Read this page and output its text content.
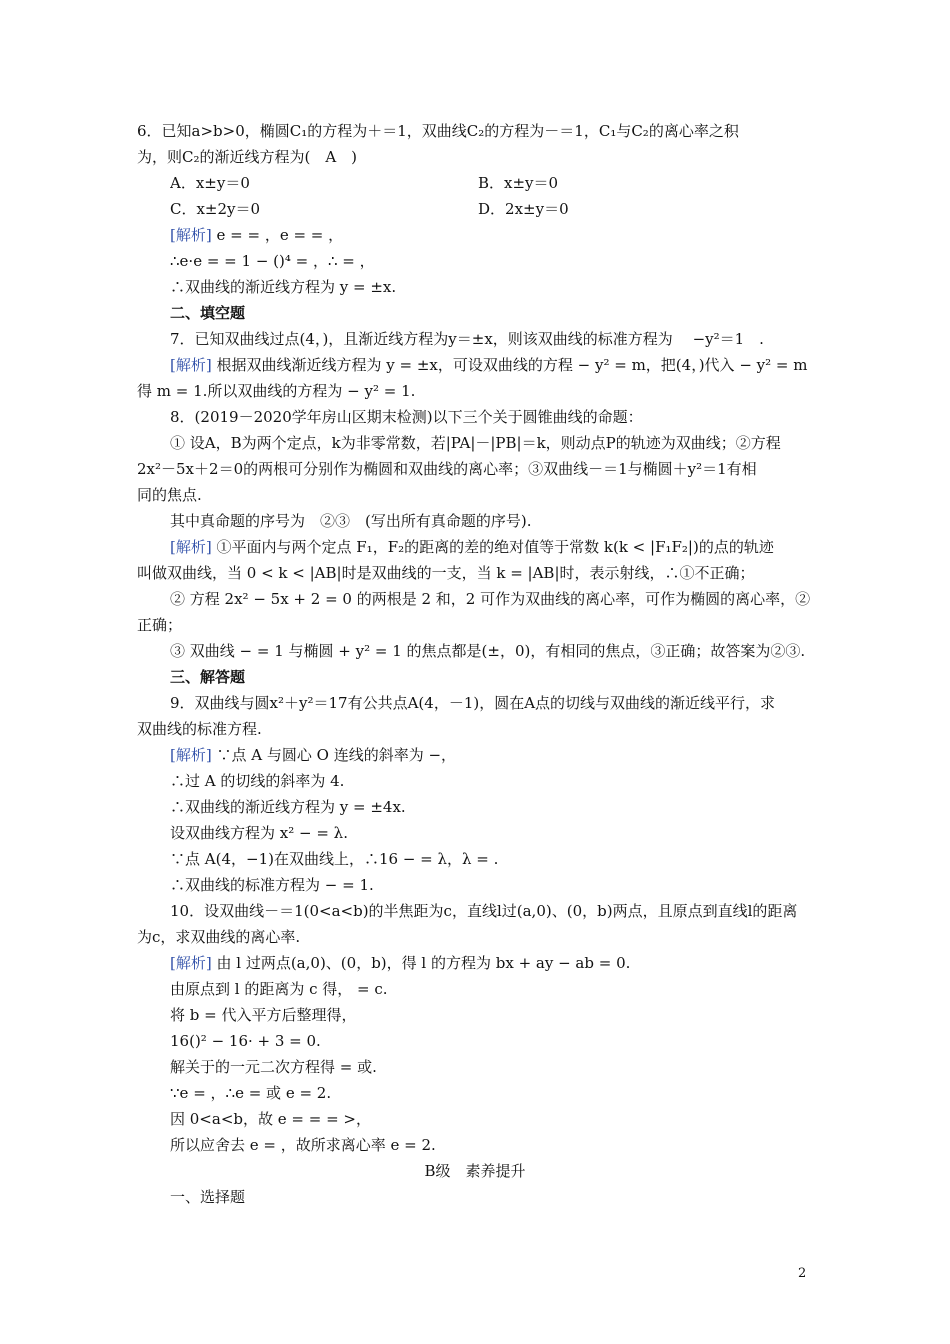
6．已知a>b>0，椭圆C₁的方程为＋＝1，双曲线C₂的方程为－＝1，C₁与C₂的离心率之积
为，则C₂的渐近线方程为(　A　)
A．x±y＝0	B．x±y＝0
C．x±2y＝0	D．2x±y＝0
[解析] e = = ，e = = ，
∴e·e = = 1 − ()⁴ = ，∴ = ，
∴双曲线的渐近线方程为 y = ±x.
二、填空题
7．已知双曲线过点(4，)，且渐近线方程为y＝±x，则该双曲线的标准方程为　 −y²＝1　.
[解析] 根据双曲线渐近线方程为 y = ±x，可设双曲线的方程 − y² = m，把(4，)代入 − y² = m
得 m = 1.所以双曲线的方程为 − y² = 1.
8．(2019－2020学年房山区期末检测)以下三个关于圆锥曲线的命题：
① 设A，B为两个定点，k为非零常数，若|PA|－|PB|＝k，则动点P的轨迹为双曲线；②方程
2x²－5x＋2＝0的两根可分别作为椭圆和双曲线的离心率；③双曲线－＝1与椭圆＋y²＝1有相
同的焦点.
其中真命题的序号为　②③　(写出所有真命题的序号).
[解析] ①平面内与两个定点 F₁，F₂的距离的差的绝对值等于常数 k(k < |F₁F₂|)的点的轨迹
叫做双曲线，当 0 < k < |AB|时是双曲线的一支，当 k = |AB|时，表示射线，∴①不正确；
② 方程 2x² − 5x + 2 = 0 的两根是 2 和，2 可作为双曲线的离心率，可作为椭圆的离心率，②
正确；
③ 双曲线 − = 1 与椭圆 + y² = 1 的焦点都是(±，0)，有相同的焦点，③正确；故答案为②③.
三、解答题
9．双曲线与圆x²＋y²＝17有公共点A(4，－1)，圆在A点的切线与双曲线的渐近线平行，求
双曲线的标准方程.
[解析] ∵点 A 与圆心 O 连线的斜率为 −，
∴过 A 的切线的斜率为 4.
∴双曲线的渐近线方程为 y = ±4x.
设双曲线方程为 x² − = λ.
∵点 A(4，−1)在双曲线上，∴16 − = λ，λ = .
∴双曲线的标准方程为 − = 1.
10．设双曲线－＝1(0<a<b)的半焦距为c，直线l过(a,0)、(0，b)两点，且原点到直线l的距离
为c，求双曲线的离心率.
[解析] 由 l 过两点(a,0)、(0，b)，得 l 的方程为 bx + ay − ab = 0.
由原点到 l 的距离为 c 得， = c.
将 b = 代入平方后整理得，
16()² − 16· + 3 = 0.
解关于的一元二次方程得 = 或.
∵e = ，∴e = 或 e = 2.
因 0<a<b，故 e = = = >，
所以应舍去 e = ，故所求离心率 e = 2.
B级　素养提升
一、选择题
2
